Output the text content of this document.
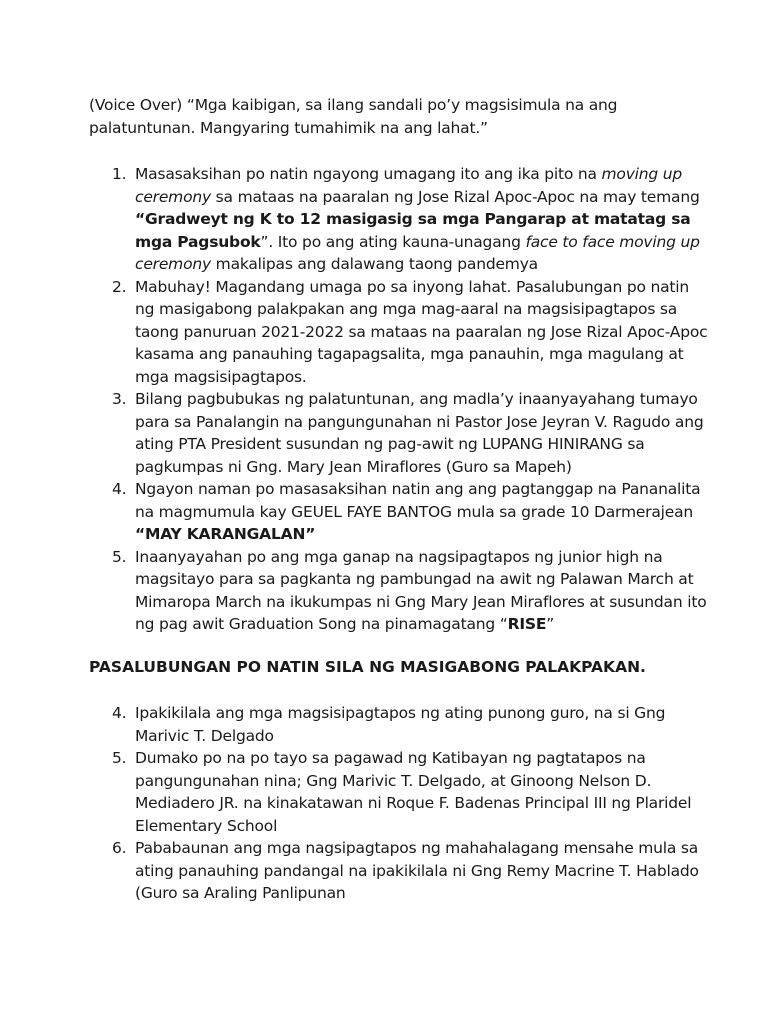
(Voice Over) “Mga kaibigan, sa ilang sandali po’y magsisimula na ang palatuntunan. Mangyaring tumahimik na ang lahat.”
1. Masasaksihan po natin ngayong umagang ito ang ika pito na moving up ceremony sa mataas na paaralan ng Jose Rizal Apoc-Apoc na may temang “Gradweyt ng K to 12 masigasig sa mga Pangarap at matatag sa mga Pagsubok”. Ito po ang ating kauna-unagang face to face moving up ceremony makalipas ang dalawang taong pandemya
2. Mabuhay! Magandang umaga po sa inyong lahat. Pasalubungan po natin ng masigabong palakpakan ang mga mag-aaral na magsisipagtapos sa taong panuruan 2021-2022 sa mataas na paaralan ng Jose Rizal Apoc-Apoc kasama ang panauhing tagapagsalita, mga panauhin, mga magulang at mga magsisipagtapos.
3. Bilang pagbubukas ng palatuntunan, ang madla’y inaanyayahang tumayo para sa Panalangin na pangungunahan ni Pastor Jose Jeyran V. Ragudo ang ating PTA President susundan ng pag-awit ng LUPANG HINIRANG sa pagkumpas ni Gng. Mary Jean Miraflores (Guro sa Mapeh)
4. Ngayon naman po masasaksihan natin ang ang pagtanggap na Pananalita na magmumula kay GEUEL FAYE BANTOG mula sa grade 10 Darmerajean “MAY KARANGALAN”
5. Inaanyayahan po ang mga ganap na nagsipagtapos ng junior high na magsitayo para sa pagkanta ng pambungad na awit ng Palawan March at Mimaropa March na ikukumpas ni Gng Mary Jean Miraflores at susundan ito ng pag awit Graduation Song na pinamagatang “RISE”
PASALUBUNGAN PO NATIN SILA NG MASIGABONG PALAKPAKAN.
4. Ipakikilala ang mga magsisipagtapos ng ating punong guro, na si Gng Marivic T. Delgado
5. Dumako po na po tayo sa pagawad ng Katibayan ng pagtatapos na pangungunahan nina; Gng Marivic T. Delgado, at Ginoong Nelson D. Mediadero JR. na kinakatawan ni Roque F. Badenas Principal III ng Plaridel Elementary School
6. Pababaunan ang mga nagsipagtapos ng mahahalagang mensahe mula sa ating panauhing pandangal na ipakikilala ni Gng Remy Macrine T. Hablado (Guro sa Araling Panlipunan
